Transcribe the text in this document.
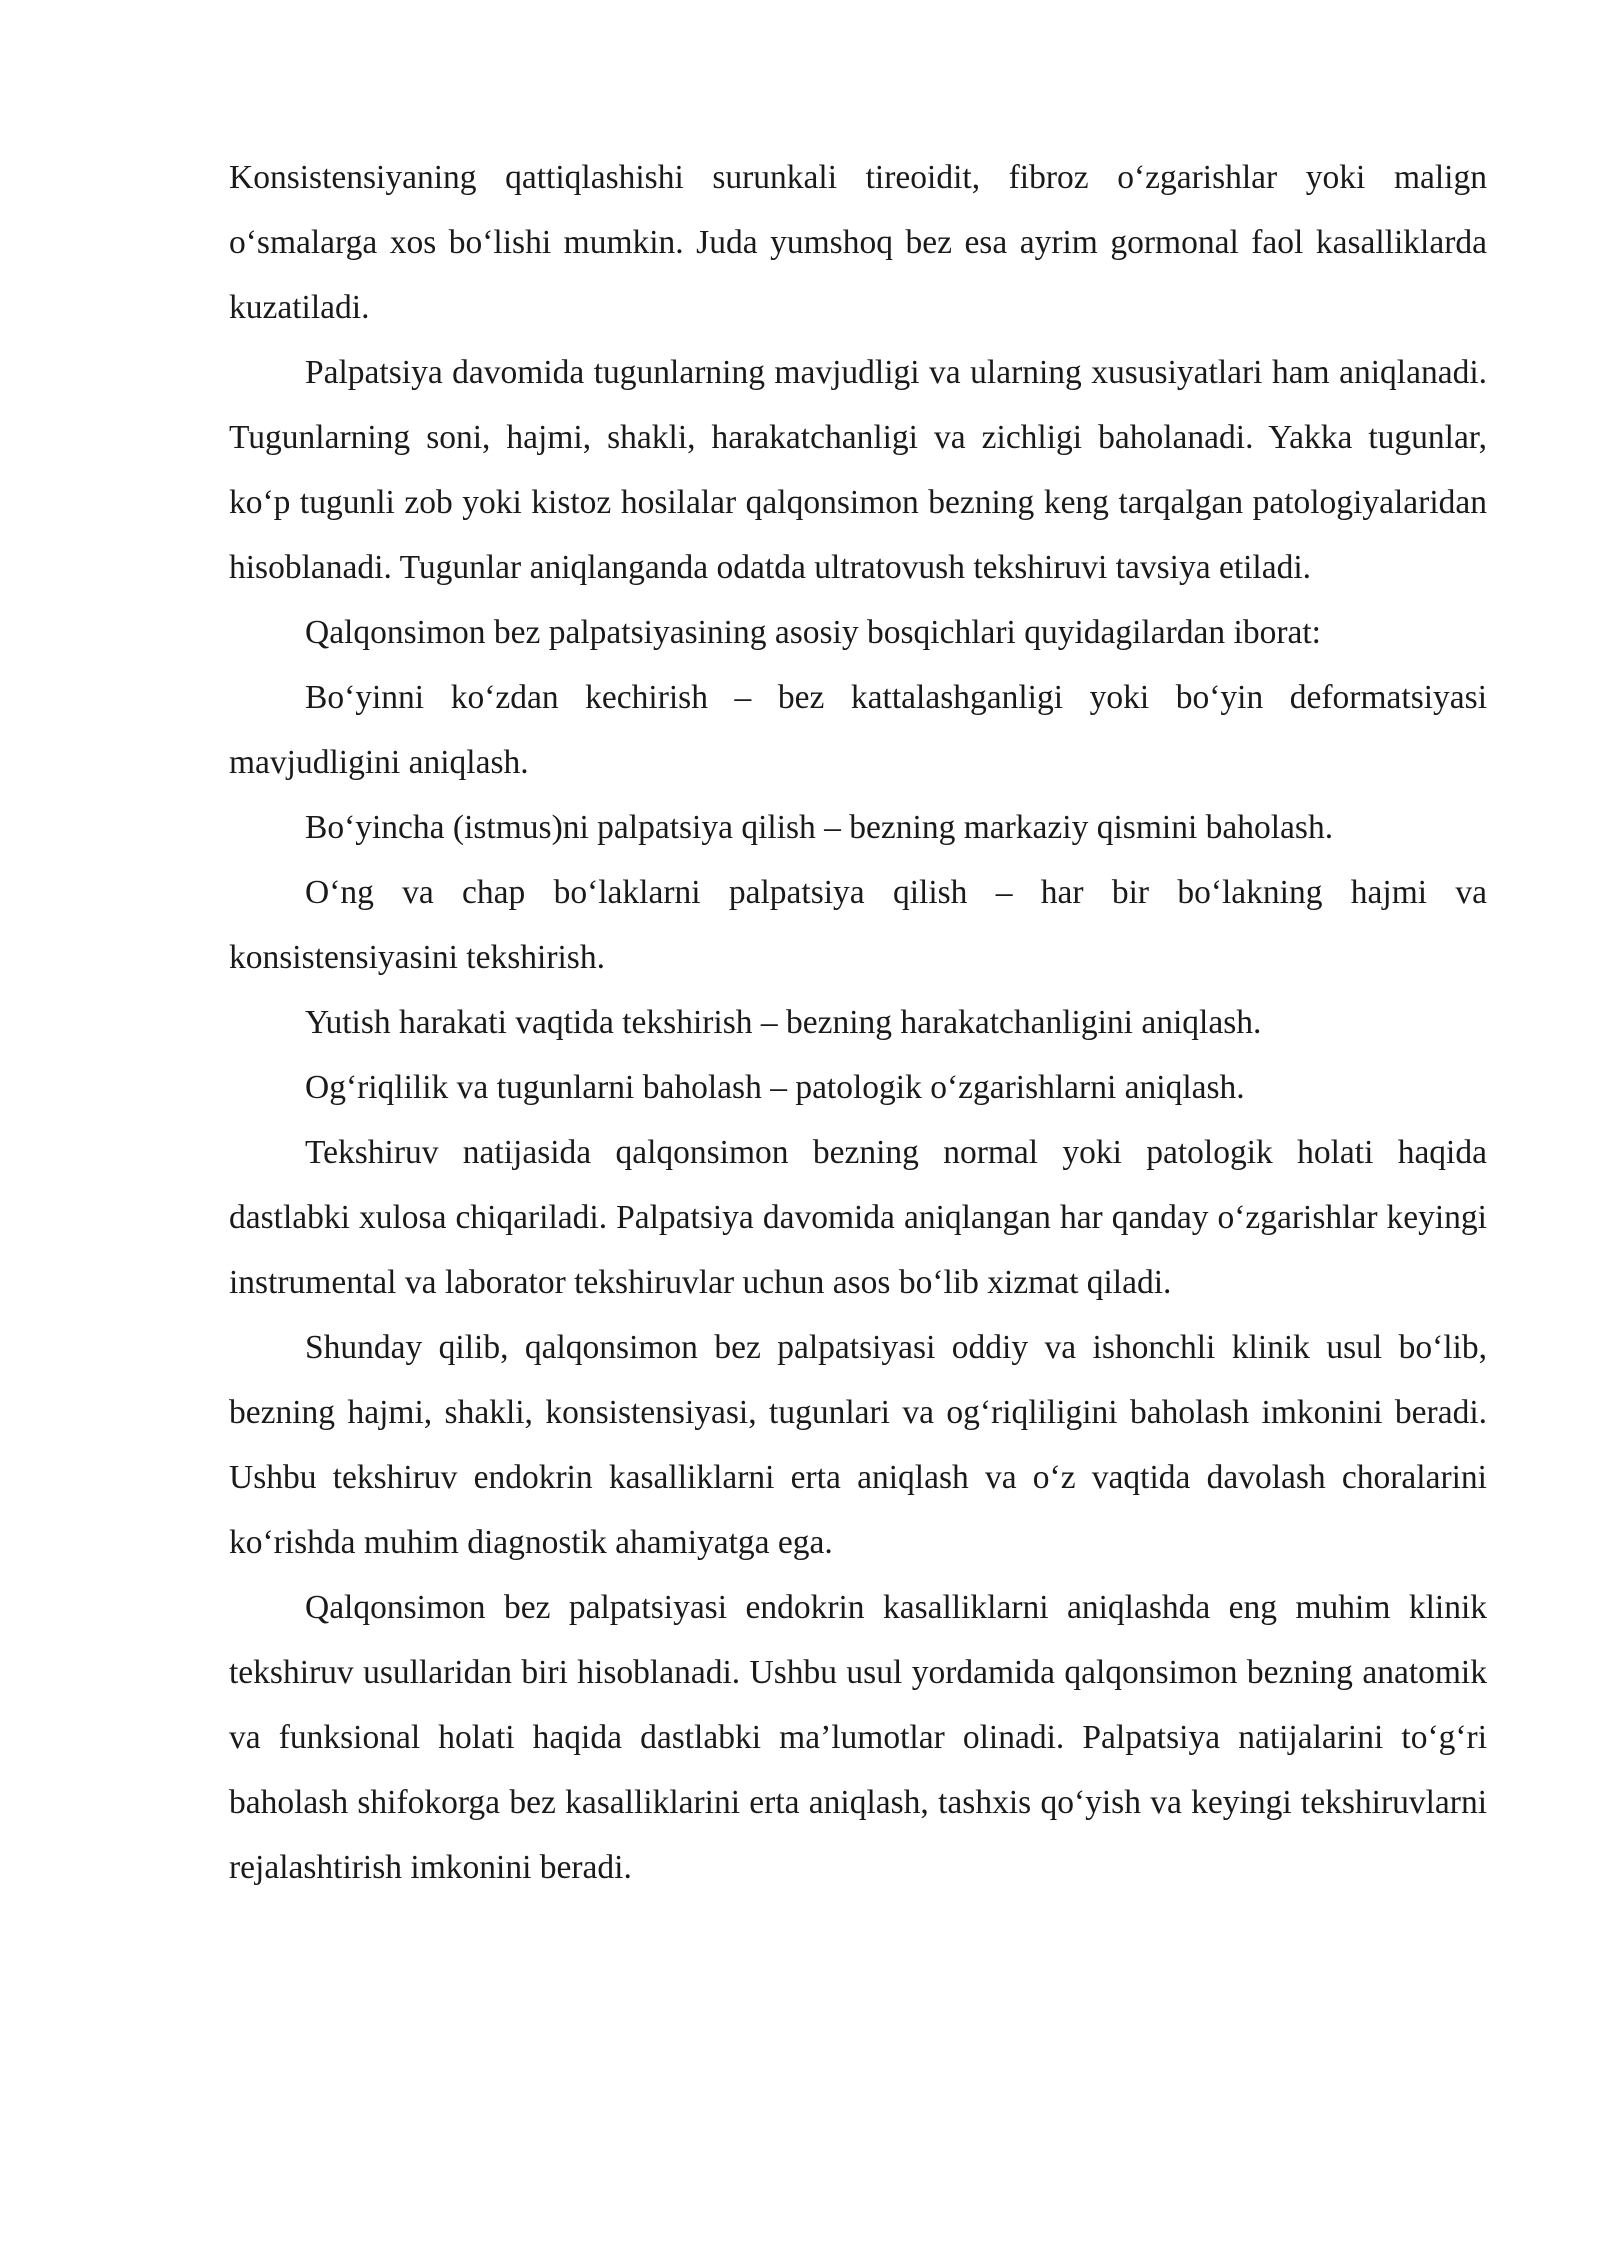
Konsistensiyaning qattiqlashishi surunkali tireoidit, fibroz o‘zgarishlar yoki malign o‘smalarga xos bo‘lishi mumkin. Juda yumshoq bez esa ayrim gormonal faol kasalliklarda kuzatiladi.

Palpatsiya davomida tugunlarning mavjudligi va ularning xususiyatlari ham aniqlanadi. Tugunlarning soni, hajmi, shakli, harakatchanligi va zichligi baholanadi. Yakka tugunlar, ko‘p tugunli zob yoki kistoz hosilalar qalqonsimon bezning keng tarqalgan patologiyalaridan hisoblanadi. Tugunlar aniqlanganda odatda ultratovush tekshiruvi tavsiya etiladi.

Qalqonsimon bez palpatsiyasining asosiy bosqichlari quyidagilardan iborat:

Bo‘yinni ko‘zdan kechirish – bez kattalashganligi yoki bo‘yin deformatsiyasi mavjudligini aniqlash.

Bo‘yincha (istmus)ni palpatsiya qilish – bezning markaziy qismini baholash.

O‘ng va chap bo‘laklarni palpatsiya qilish – har bir bo‘lakning hajmi va konsistensiyasini tekshirish.

Yutish harakati vaqtida tekshirish – bezning harakatchanligini aniqlash.

Og‘riqlilik va tugunlarni baholash – patologik o‘zgarishlarni aniqlash.

Tekshiruv natijasida qalqonsimon bezning normal yoki patologik holati haqida dastlabki xulosa chiqariladi. Palpatsiya davomida aniqlangan har qanday o‘zgarishlar keyingi instrumental va laborator tekshiruvlar uchun asos bo‘lib xizmat qiladi.

Shunday qilib, qalqonsimon bez palpatsiyasi oddiy va ishonchli klinik usul bo‘lib, bezning hajmi, shakli, konsistensiyasi, tugunlari va og‘riqliligini baholash imkonini beradi. Ushbu tekshiruv endokrin kasalliklarni erta aniqlash va o‘z vaqtida davolash choralarini ko‘rishda muhim diagnostik ahamiyatga ega.

Qalqonsimon bez palpatsiyasi endokrin kasalliklarni aniqlashda eng muhim klinik tekshiruv usullaridan biri hisoblanadi. Ushbu usul yordamida qalqonsimon bezning anatomik va funksional holati haqida dastlabki ma’lumotlar olinadi. Palpatsiya natijalarini to‘g‘ri baholash shifokorga bez kasalliklarini erta aniqlash, tashxis qo‘yish va keyingi tekshiruvlarni rejalashtirish imkonini beradi.
